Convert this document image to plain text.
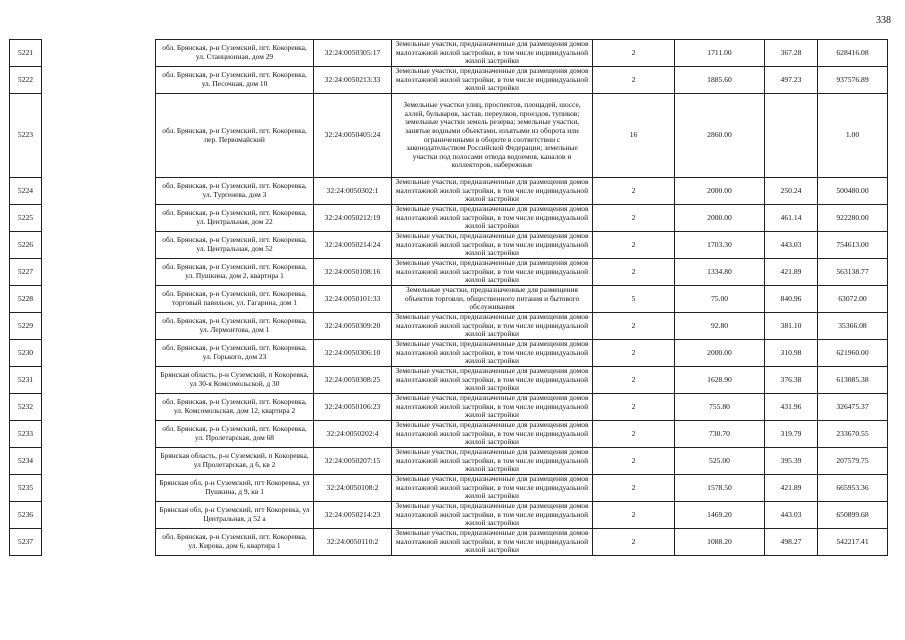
338
5221		обл. Брянская, р-н Суземский, пгт. Кокоревка, ул. Станционная, дом 29	32:24:0050305:17	Земельные участки, предназначенные для размещения домов малоэтажной жилой застройки, в том числе индивидуальной жилой застройки	2	1711.00	367.28	628416.08
5222		обл. Брянская, р-н Суземский, пгт. Кокоревка, ул. Песочная, дом 10	32:24:0050213:33	Земельные участки, предназначенные для размещения домов малоэтажной жилой застройки, в том числе индивидуальной жилой застройки	2	1885.60	497.23	937576.89
5223		обл. Брянская, р-н Суземский, пгт. Кокоревка, пер. Первомайский	32:24:0050405:24	Земельные участки улиц, проспектов, площадей, шоссе, аллей, бульваров, застав, переулков, проездов, тупиков; земельные участки земель резерва; земельные участки, занятые водными объектами, изъятыми из оборота или ограниченными в обороте в соответствии с законодательством Российской Федерации; земельные участки под полосами отвода водоемов, каналов и коллекторов, набережные	16	2860.00		1.00
5224		обл. Брянская, р-н Суземский, пгт. Кокоревка, ул. Тургенева, дом 3	32:24:0050302:1	Земельные участки, предназначенные для размещения домов малоэтажной жилой застройки, в том числе индивидуальной жилой застройки	2	2000.00	250.24	500480.00
5225		обл. Брянская, р-н Суземский, пгт. Кокоревка, ул. Центральная, дом 22	32:24:0050212:19	Земельные участки, предназначенные для размещения домов малоэтажной жилой застройки, в том числе индивидуальной жилой застройки	2	2000.00	461.14	922280.00
5226		обл. Брянская, р-н Суземский, пгт. Кокоревка, ул. Центральная, дом 52	32:24:0050214:24	Земельные участки, предназначенные для размещения домов малоэтажной жилой застройки, в том числе индивидуальной жилой застройки	2	1703.30	443.03	754613.00
5227		обл. Брянская, р-н Суземский, пгт. Кокоревка, ул. Пушкина, дом 2, квартира 1	32:24:0050108:16	Земельные участки, предназначенные для размещения домов малоэтажной жилой застройки, в том числе индивидуальной жилой застройки	2	1334.80	421.89	563138.77
5228		обл. Брянская, р-н Суземский, пгт. Кокоревка, торговый павильон, ул. Гагарина, дом 1	32:24:0050101:33	Земельные участки, предназначенные для размещения объектов торговли, общественного питания и бытового обслуживания	5	75.00	840.96	63072.00
5229		обл. Брянская, р-н Суземский, пгт. Кокоревка, ул. Лермонтова, дом 1	32:24:0050309:20	Земельные участки, предназначенные для размещения домов малоэтажной жилой застройки, в том числе индивидуальной жилой застройки	2	92.80	381.10	35366.08
5230		обл. Брянская, р-н Суземский, пгт. Кокоревка, ул. Горького, дом 23	32:24:0050306:10	Земельные участки, предназначенные для размещения домов малоэтажной жилой застройки, в том числе индивидуальной жилой застройки	2	2000.00	310.98	621960.00
5231		Брянская область, р-н Суземский, п Кокоревка, ул 30-я Комсомольской, д 30	32:24:0050308:25	Земельные участки, предназначенные для размещения домов малоэтажной жилой застройки, в том числе индивидуальной жилой застройки	2	1628.90	376.38	613085.38
5232		обл. Брянская, р-н Суземский, пгт. Кокоревка, ул. Комсомольская, дом 12, квартира 2	32:24:0050106:23	Земельные участки, предназначенные для размещения домов малоэтажной жилой застройки, в том числе индивидуальной жилой застройки	2	755.80	431.96	326475.37
5233		обл. Брянская, р-н Суземский, пгт. Кокоревка, ул. Пролетарская, дом 68	32:24:0050202:4	Земельные участки, предназначенные для размещения домов малоэтажной жилой застройки, в том числе индивидуальной жилой застройки	2	730.70	319.79	233670.55
5234		Брянская область, р-н Суземский, п Кокоревка, ул Пролетарская, д 6, кв 2	32:24:0050207:15	Земельные участки, предназначенные для размещения домов малоэтажной жилой застройки, в том числе индивидуальной жилой застройки	2	525.00	395.39	207579.75
5235		Брянская обл, р-н Суземский, пгт Кокоревка, ул Пушкина, д 9, кв 1	32:24:0050108:2	Земельные участки, предназначенные для размещения домов малоэтажной жилой застройки, в том числе индивидуальной жилой застройки	2	1578.50	421.89	665953.36
5236		Брянская обл, р-н Суземский, пгт Кокоревка, ул Центральная, д 52 а	32:24:0050214:23	Земельные участки, предназначенные для размещения домов малоэтажной жилой застройки, в том числе индивидуальной жилой застройки	2	1469.20	443.03	650899.68
5237		обл. Брянская, р-н Суземский, пгт. Кокоревка, ул. Кирова, дом 6, квартира 1	32:24:0050110:2	Земельные участки, предназначенные для размещения домов малоэтажной жилой застройки, в том числе индивидуальной жилой застройки	2	1088.20	498.27	542217.41
